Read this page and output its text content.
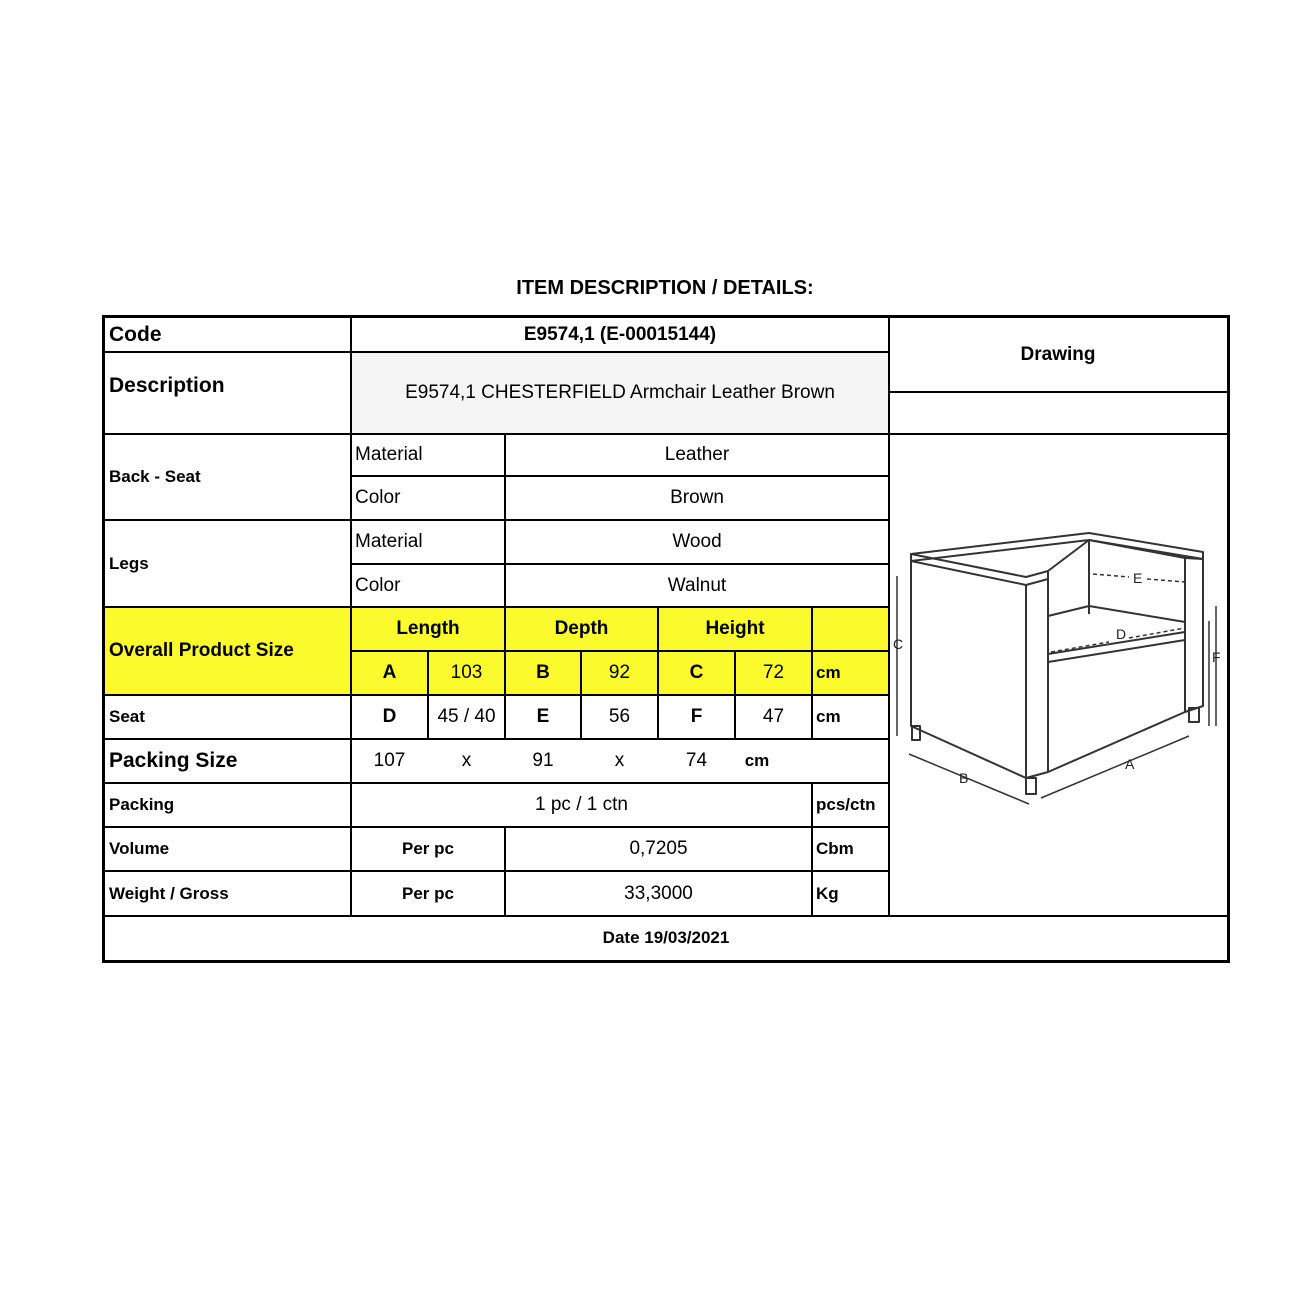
ITEM DESCRIPTION / DETAILS:
Code	E9574,1 (E-00015144)
Description	E9574,1 CHESTERFIELD Armchair Leather Brown
Drawing
Back - Seat
Material	Leather
Color	Brown
Legs
Material	Wood
Color	Walnut
Overall Product Size
Length	Depth	Height
A	103	B	92	C	72	cm
Seat	D	45 / 40	E	56	F	47	cm
Packing Size	107	x	91	x	74	cm
Packing	1 pc / 1 ctn	pcs/ctn
Volume	Per pc	0,7205	Cbm
Weight / Gross	Per pc	33,3000	Kg
Date 19/03/2021
A
B
C
D
E
F
